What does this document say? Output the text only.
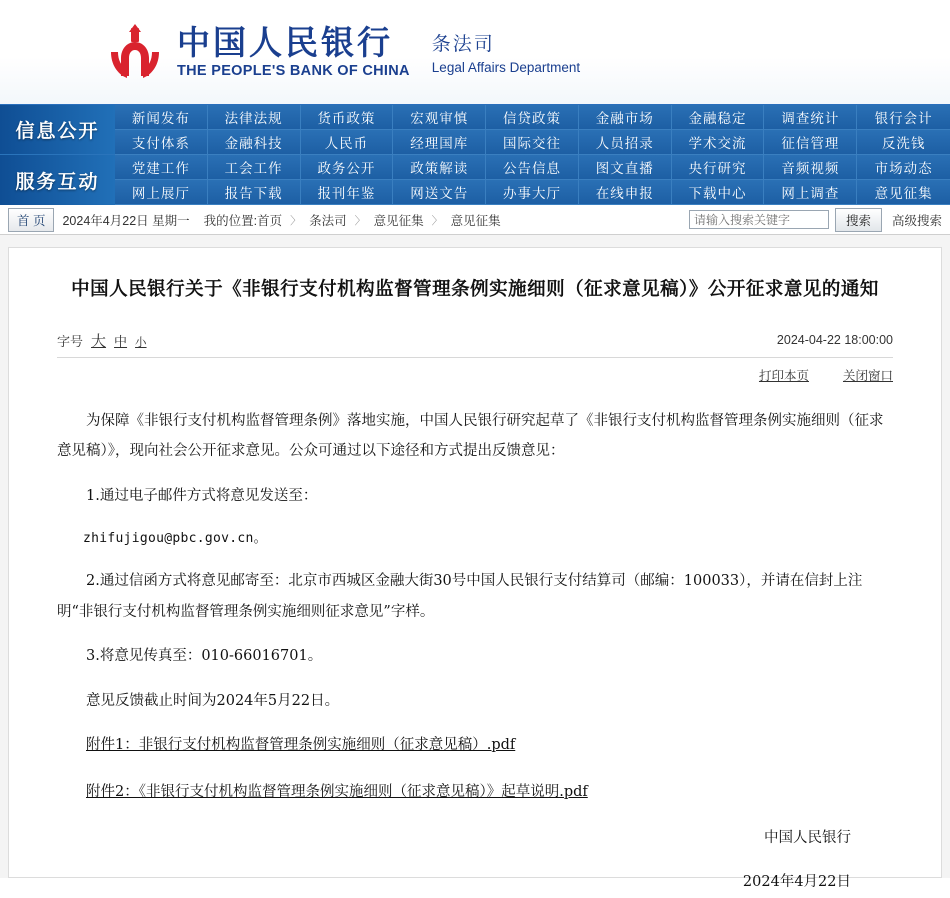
中国人民银行
THE PEOPLE'S BANK OF CHINA
条法司
Legal Affairs Department
信息公开
服务互动
新闻发布	法律法规	货币政策	宏观审慎	信贷政策	金融市场	金融稳定	调查统计	银行会计
支付体系	金融科技	人民币	经理国库	国际交往	人员招录	学术交流	征信管理	反洗钱
党建工作	工会工作	政务公开	政策解读	公告信息	图文直播	央行研究	音频视频	市场动态
网上展厅	报告下载	报刊年鉴	网送文告	办事大厅	在线申报	下载中心	网上调查	意见征集
首 页	2024年4月22日 星期一 我的位置:首页 〉 条法司 〉 意见征集 〉 意见征集
请输入搜索关键字	搜索	高级搜索
中国人民银行关于《非银行支付机构监督管理条例实施细则（征求意见稿）》公开征求意见的通知
字号 大 中 小	2024-04-22 18:00:00
打印本页	关闭窗口

为保障《非银行支付机构监督管理条例》落地实施，中国人民银行研究起草了《非银行支付机构监督管理条例实施细则（征求意见稿）》，现向社会公开征求意见。公众可通过以下途径和方式提出反馈意见：

1.通过电子邮件方式将意见发送至：

zhifujigou@pbc.gov.cn。

2.通过信函方式将意见邮寄至：北京市西城区金融大街30号中国人民银行支付结算司（邮编：100033），并请在信封上注明“非银行支付机构监督管理条例实施细则征求意见”字样。

3.将意见传真至：010-66016701。

意见反馈截止时间为2024年5月22日。

附件1：非银行支付机构监督管理条例实施细则（征求意见稿）.pdf
附件2：《非银行支付机构监督管理条例实施细则（征求意见稿）》起草说明.pdf

中国人民银行

2024年4月22日
